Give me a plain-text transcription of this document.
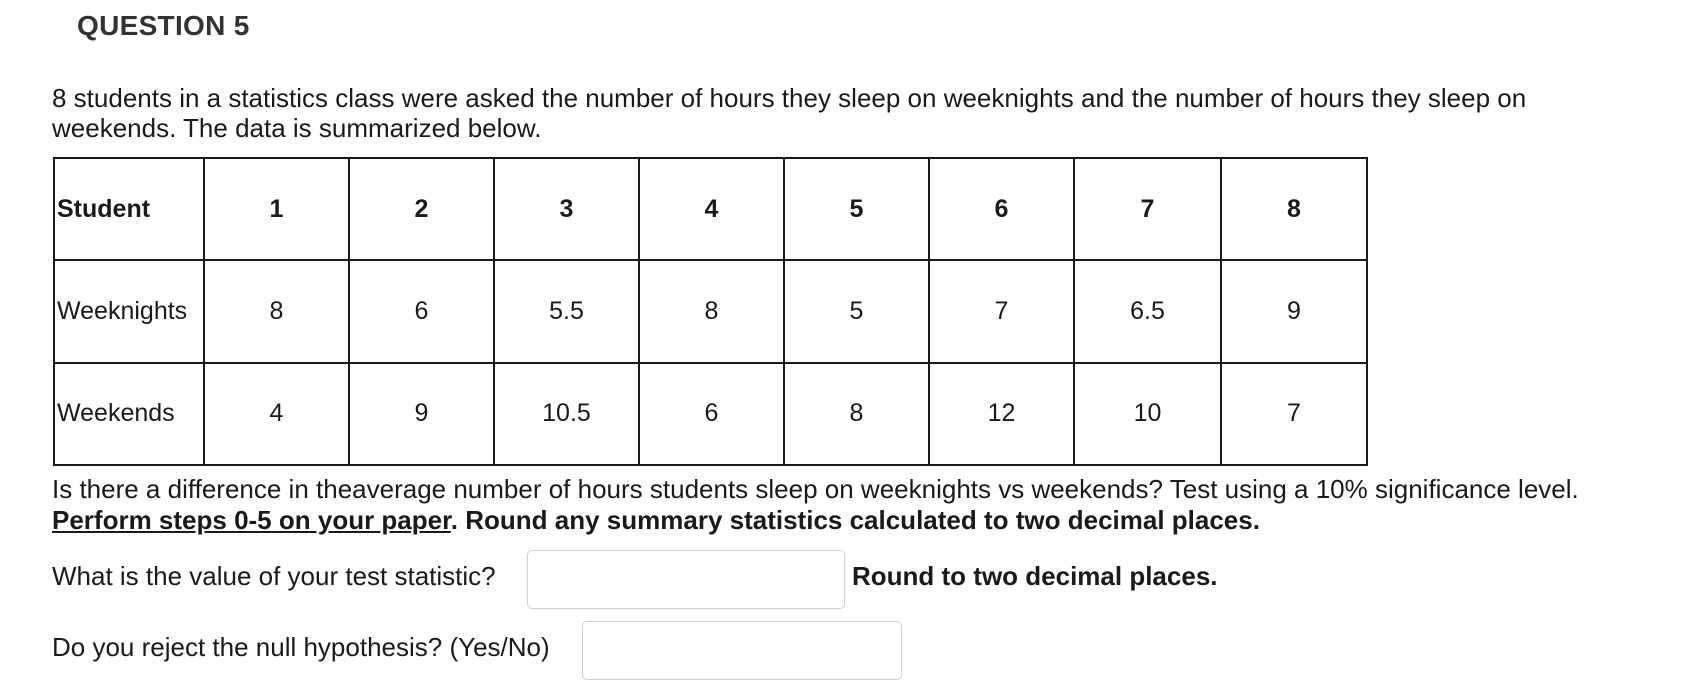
QUESTION 5
8 students in a statistics class were asked the number of hours they sleep on weeknights and the number of hours they sleep on weekends. The data is summarized below.
Student	1	2	3	4	5	6	7	8
Weeknights	8	6	5.5	8	5	7	6.5	9
Weekends	4	9	10.5	6	8	12	10	7
Is there a difference in theaverage number of hours students sleep on weeknights vs weekends? Test using a 10% significance level.
Perform steps 0-5 on your paper. Round any summary statistics calculated to two decimal places.
What is the value of your test statistic?	Round to two decimal places.
Do you reject the null hypothesis? (Yes/No)
